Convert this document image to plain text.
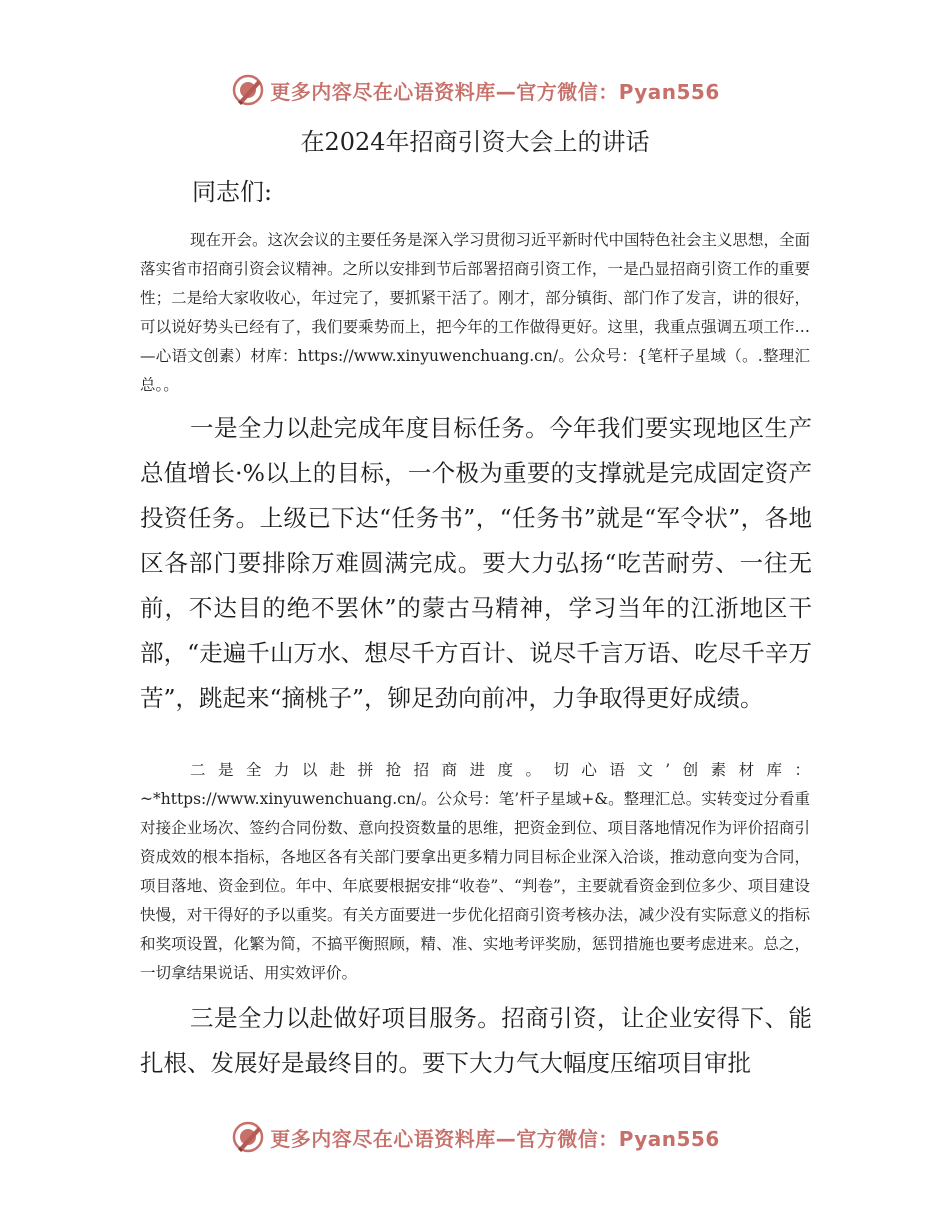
更多内容尽在心语资料库—官方微信：Pyan556
在2024年招商引资大会上的讲话

同志们:

现在开会。这次会议的主要任务是深入学习贯彻习近平新时代中国特色社会主义思想，全面落实省市招商引资会议精神。之所以安排到节后部署招商引资工作，一是凸显招商引资工作的重要性；二是给大家收收心，年过完了，要抓紧干活了。刚才，部分镇街、部门作了发言，讲的很好，可以说好势头已经有了，我们要乘势而上，把今年的工作做得更好。这里，我重点强调五项工作…—心语文创素）材库：https://www.xinyuwenchuang.cn/。公众号：{笔杆子星域（。.整理汇总。。

一是全力以赴完成年度目标任务。今年我们要实现地区生产总值增长·%以上的目标，一个极为重要的支撑就是完成固定资产投资任务。上级已下达“任务书”，“任务书”就是“军令状”，各地区各部门要排除万难圆满完成。要大力弘扬“吃苦耐劳、一往无前，不达目的绝不罢休”的蒙古马精神，学习当年的江浙地区干部，“走遍千山万水、想尽千方百计、说尽千言万语、吃尽千辛万苦”，跳起来“摘桃子”，铆足劲向前冲，力争取得更好成绩。

二是全力以赴拼抢招商进度。切心语文’创素材库：~*https://www.xinyuwenchuang.cn/。公众号：笔’杆子星域+&。整理汇总。实转变过分看重对接企业场次、签约合同份数、意向投资数量的思维，把资金到位、项目落地情况作为评价招商引资成效的根本指标，各地区各有关部门要拿出更多精力同目标企业深入洽谈，推动意向变为合同，项目落地、资金到位。年中、年底要根据安排“收卷”、“判卷”，主要就看资金到位多少、项目建设快慢，对干得好的予以重奖。有关方面要进一步优化招商引资考核办法，减少没有实际意义的指标和奖项设置，化繁为简，不搞平衡照顾，精、准、实地考评奖励，惩罚措施也要考虑进来。总之，一切拿结果说话、用实效评价。

三是全力以赴做好项目服务。招商引资，让企业安得下、能扎根、发展好是最终目的。要下大力气大幅度压缩项目审批

更多内容尽在心语资料库—官方微信：Pyan556
